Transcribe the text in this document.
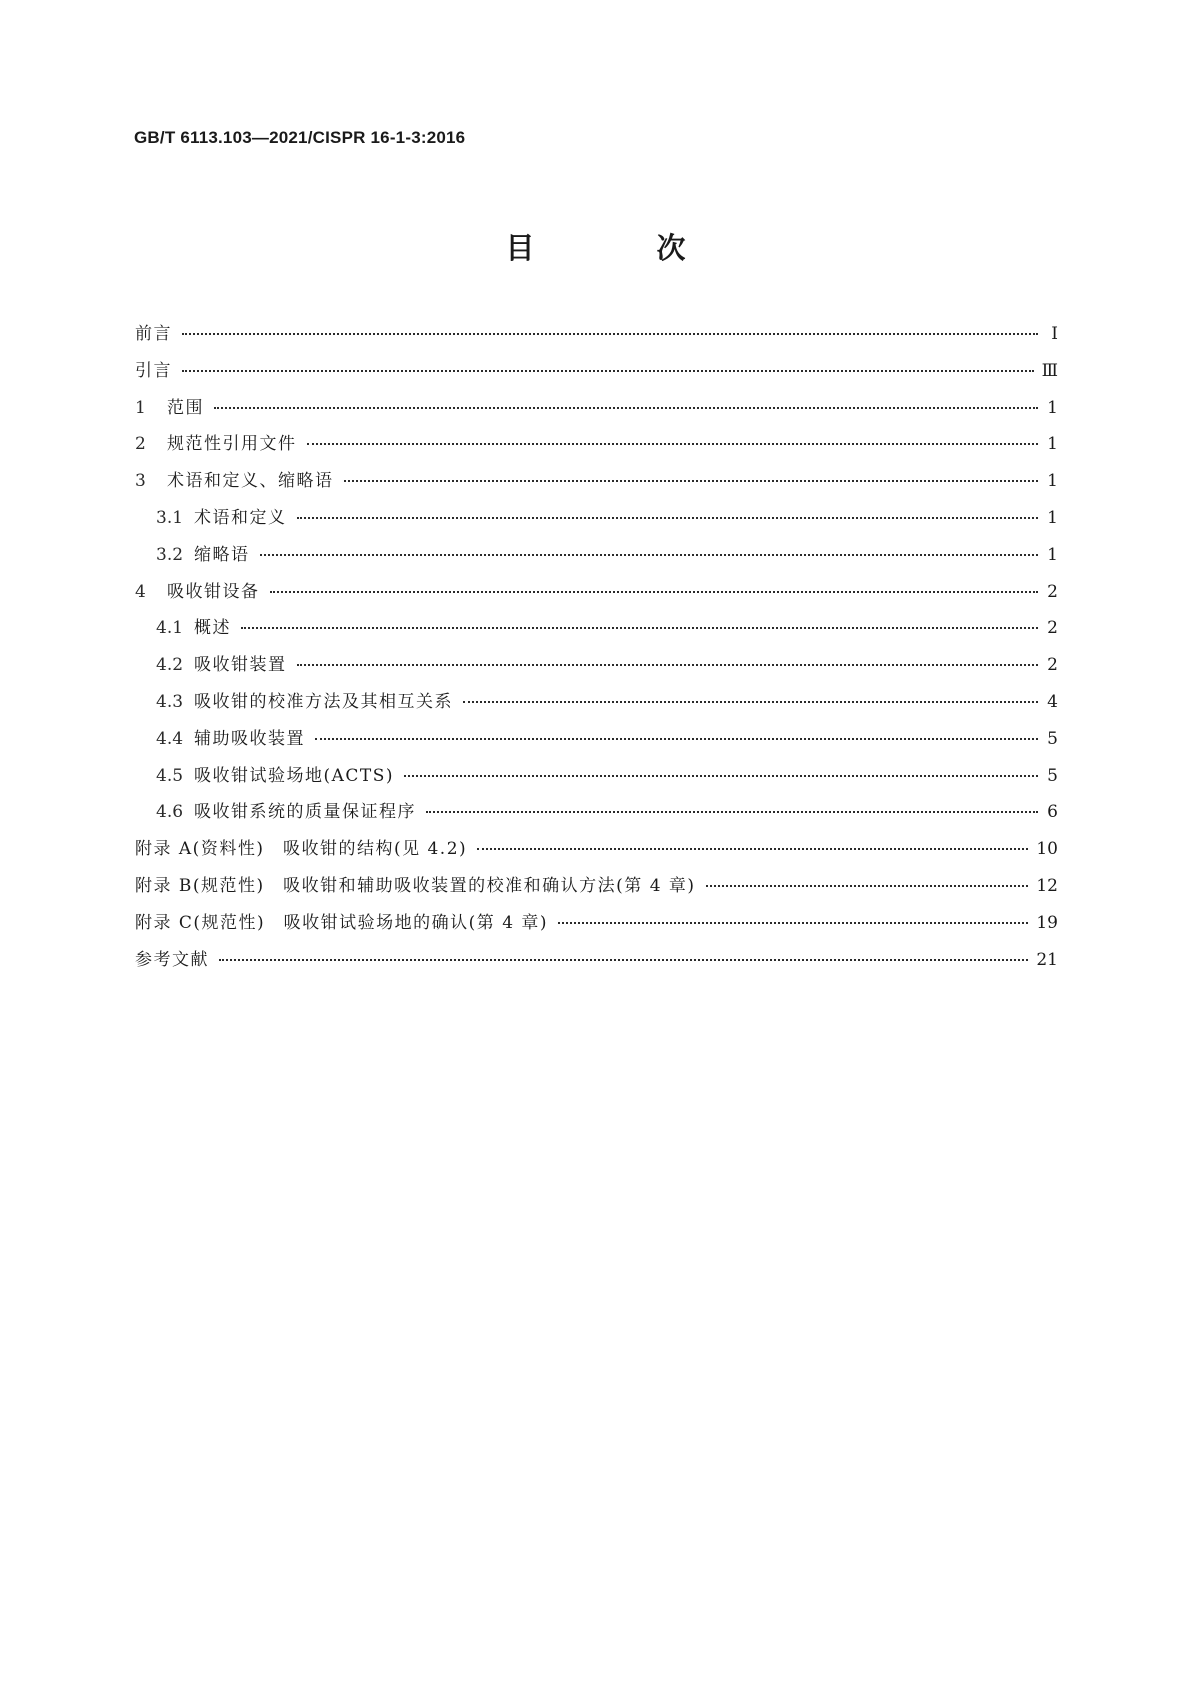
GB/T 6113.103—2021/CISPR 16-1-3:2016
目 次
前言	Ⅰ
引言	Ⅲ
1	范围	1
2	规范性引用文件	1
3	术语和定义、缩略语	1
3.1 术语和定义	1
3.2 缩略语	1
4	吸收钳设备	2
4.1 概述	2
4.2 吸收钳装置	2
4.3 吸收钳的校准方法及其相互关系	4
4.4 辅助吸收装置	5
4.5 吸收钳试验场地(ACTS)	5
4.6 吸收钳系统的质量保证程序	6
附录 A(资料性)　吸收钳的结构(见 4.2)	10
附录 B(规范性)　吸收钳和辅助吸收装置的校准和确认方法(第 4 章)	12
附录 C(规范性)　吸收钳试验场地的确认(第 4 章)	19
参考文献	21
